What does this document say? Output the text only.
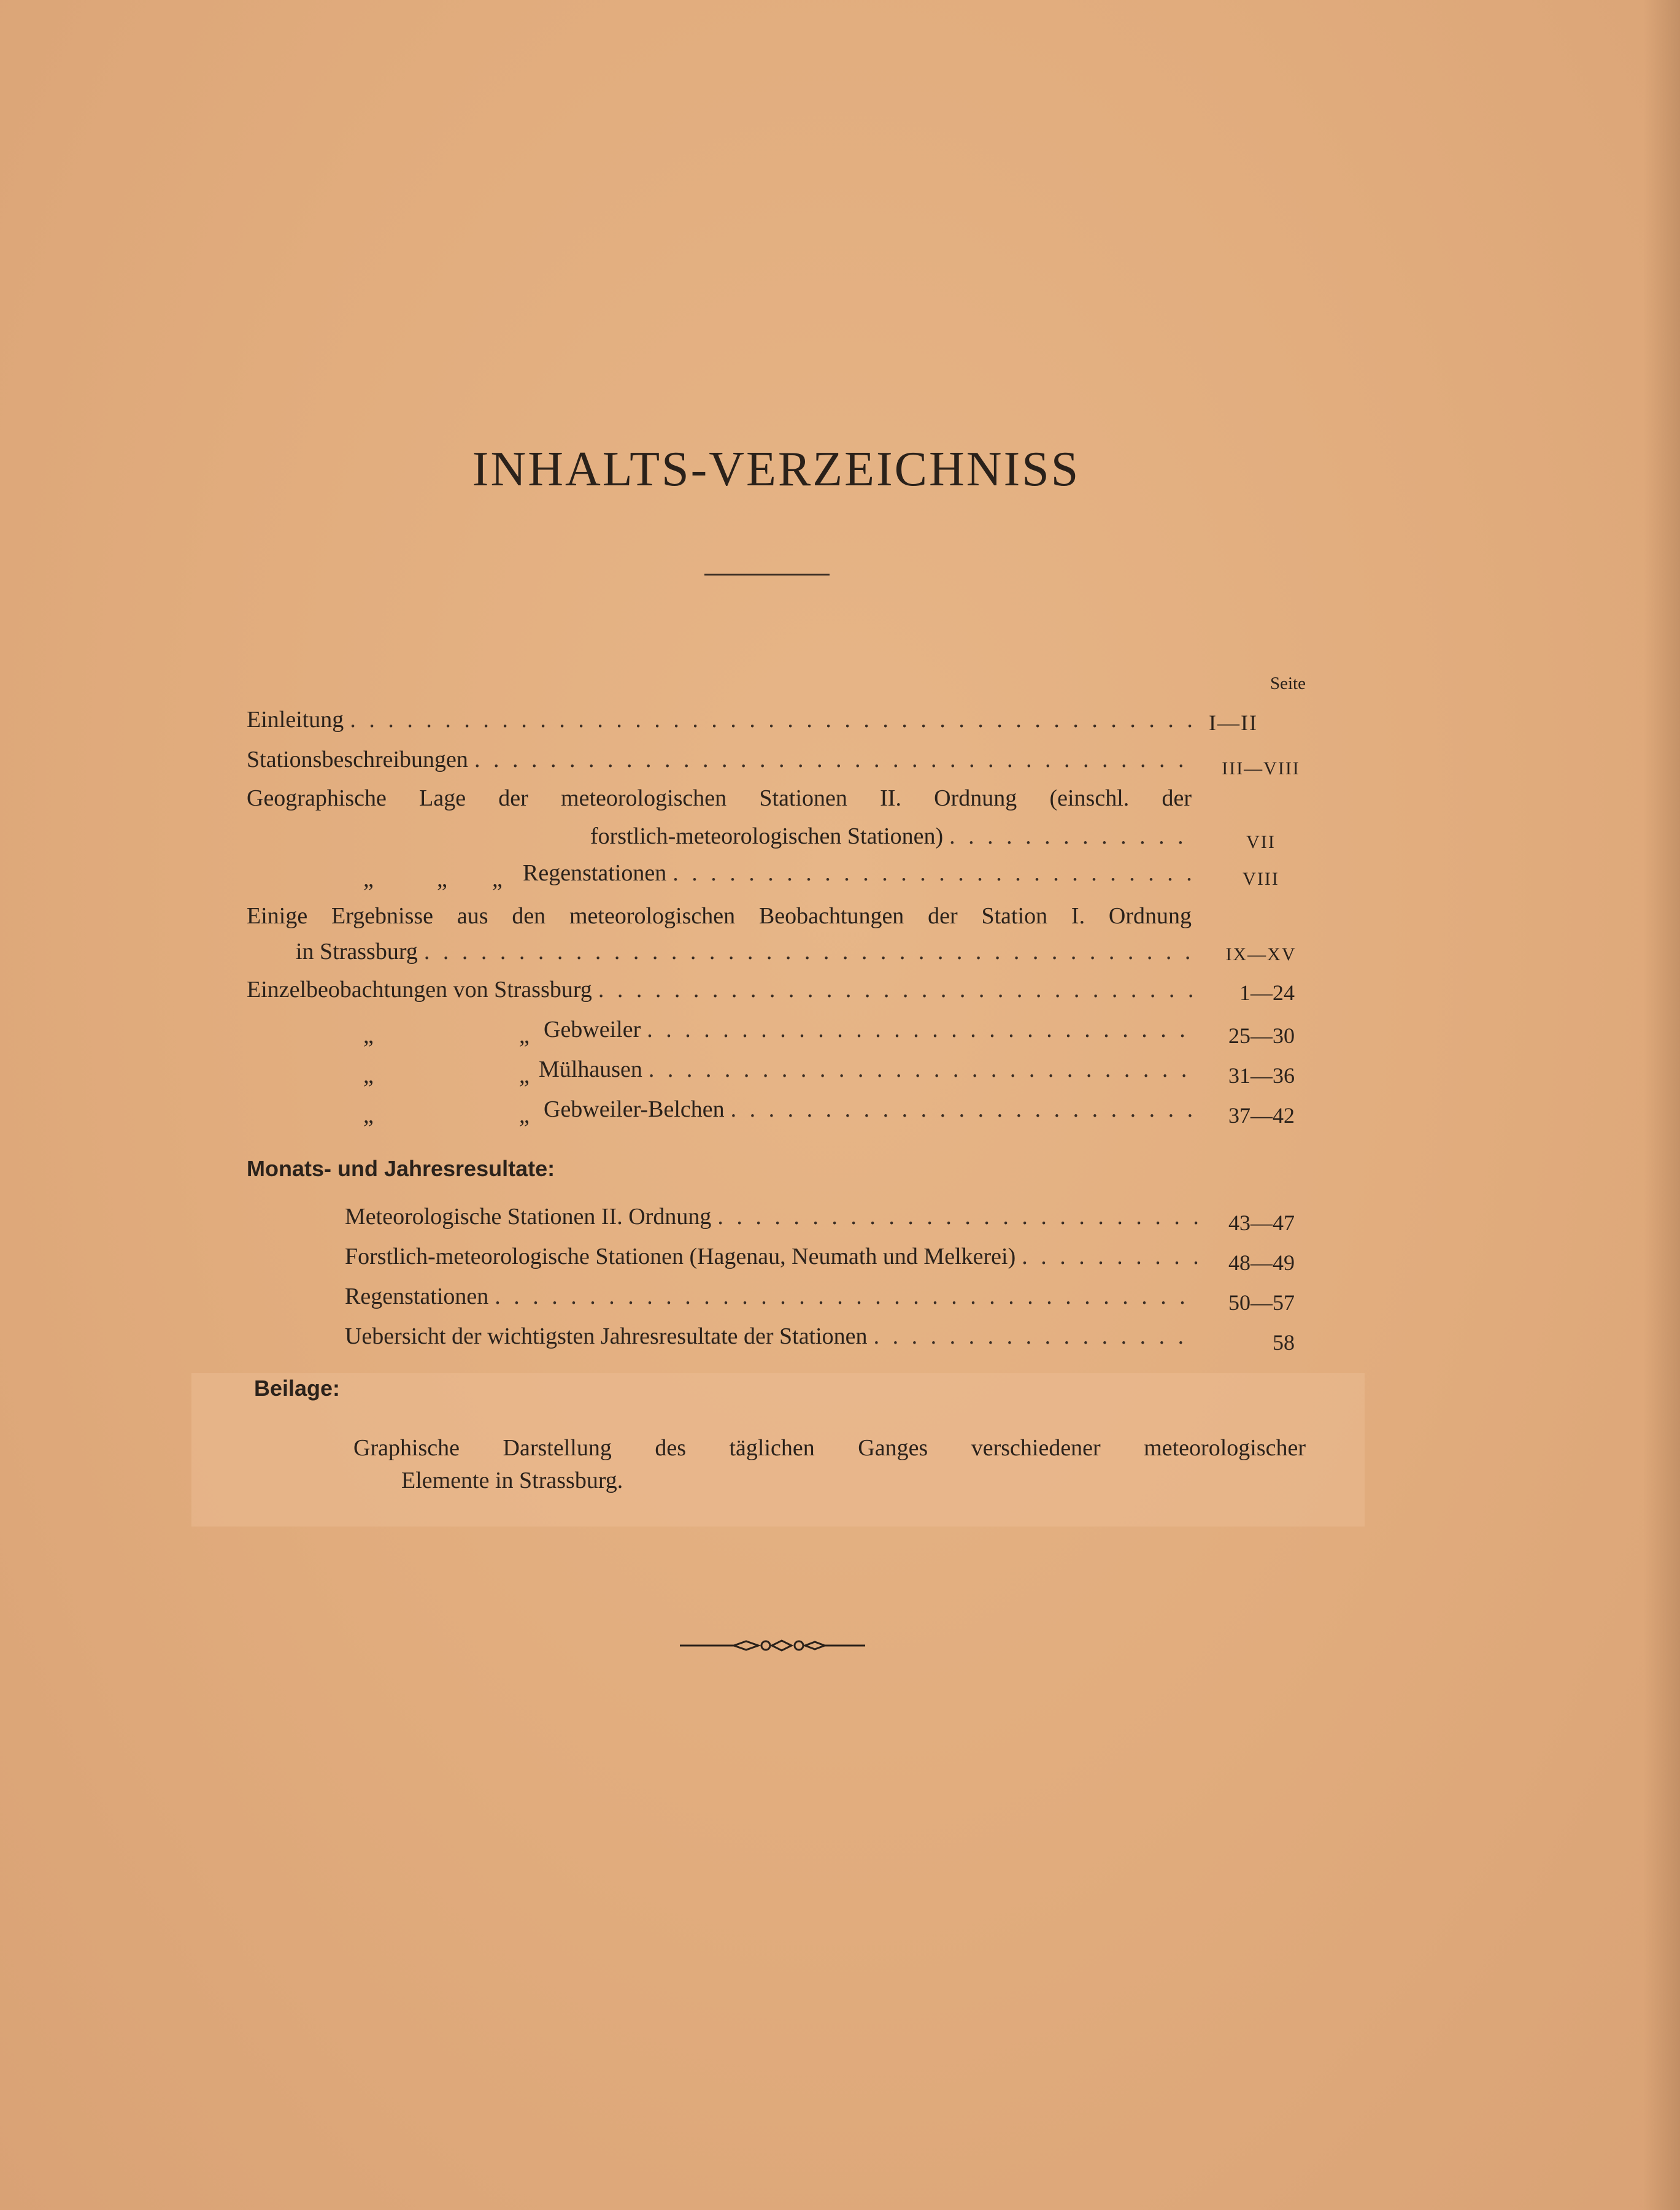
INHALTS-VERZEICHNISS
Seite
Einleitung . . .	I—II
Stationsbeschreibungen . . .	III—VIII
Geographische Lage der meteorologischen Stationen II. Ordnung (einschl. der
forstlich-meteorologischen Stationen) . . .	VII
„	„ „ Regenstationen . . .	VIII
Einige Ergebnisse aus den meteorologischen Beobachtungen der Station I. Ordnung
in Strassburg . . .	IX—XV
Einzelbeobachtungen von Strassburg . . .	1—24
„	„ Gebweiler . . .	25—30
„	„ Mülhausen . . .	31—36
„	„ Gebweiler-Belchen . . .	37—42
Monats- und Jahresresultate:
Meteorologische Stationen II. Ordnung . . .	43—47
Forstlich-meteorologische Stationen (Hagenau, Neumath und Melkerei) . . .	48—49
Regenstationen . . .	50—57
Uebersicht der wichtigsten Jahresresultate der Stationen . . .	58
Beilage:
Graphische Darstellung des täglichen Ganges verschiedener meteorologischer
Elemente in Strassburg.
